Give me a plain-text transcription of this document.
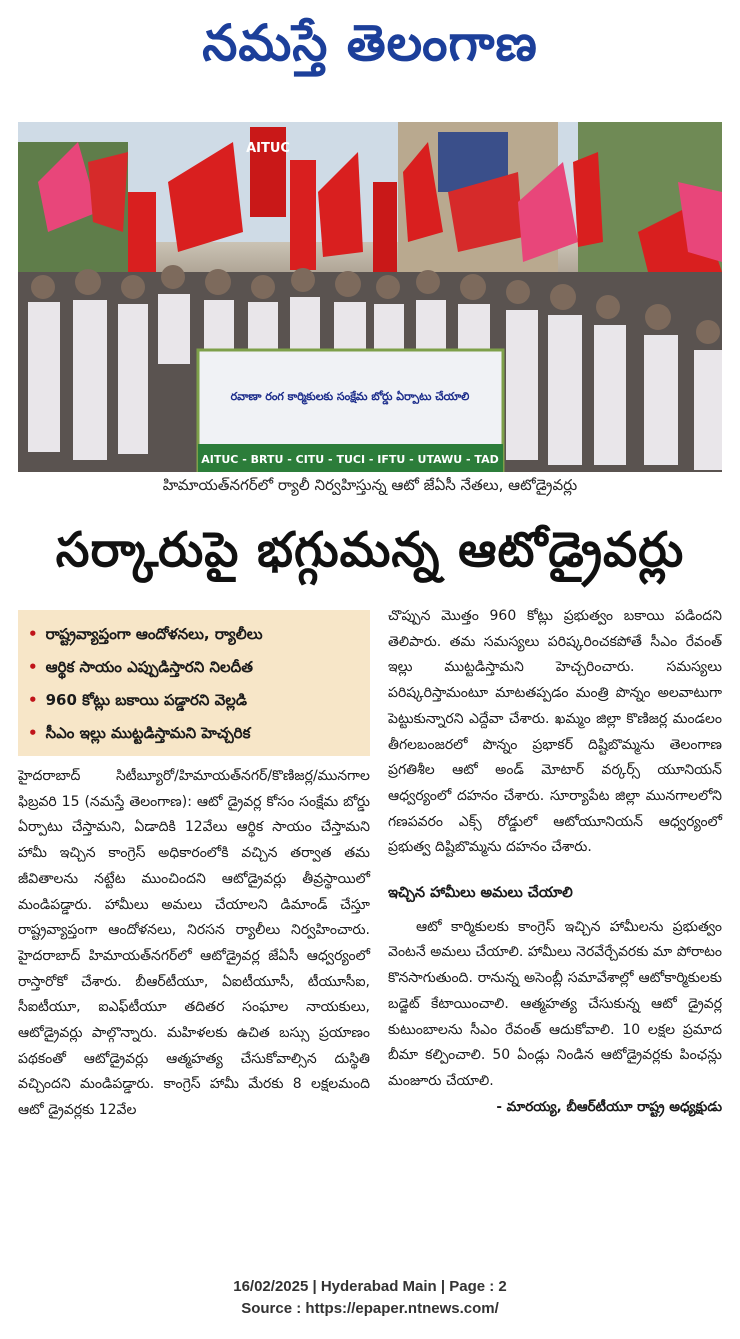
నమస్తే తెలంగాణ
రవాణా రంగ కార్మికులకు సంక్షేమ బోర్డు ఏర్పాటు చేయాలి
AITUC - BRTU - CITU - TUCI - IFTU - UTAWU - TAD
AITUC
హిమాయత్‌నగర్‌లో ర్యాలీ నిర్వహిస్తున్న ఆటో జేఏసీ నేతలు, ఆటోడ్రైవర్లు
సర్కారుపై భగ్గుమన్న ఆటోడ్రైవర్లు
• రాష్ట్రవ్యాప్తంగా ఆందోళనలు, ర్యాలీలు
• ఆర్థిక సాయం ఎప్పుడిస్తారని నిలదీత
• 960 కోట్లు బకాయి పడ్డారని వెల్లడి
• సీఎం ఇల్లు ముట్టడిస్తామని హెచ్చరిక

హైదరాబాద్ సిటీబ్యూరో/హిమాయత్‌నగర్/కొణిజర్ల/మునగాల ఫిబ్రవరి 15 (నమస్తే తెలంగాణ): ఆటో డ్రైవర్ల కోసం సంక్షేమ బోర్డు ఏర్పాటు చేస్తామని, ఏడాదికి 12వేలు ఆర్థిక సాయం చేస్తామని హామీ ఇచ్చిన కాంగ్రెస్ అధికారంలోకి వచ్చిన తర్వాత తమ జీవితాలను నట్టేట ముంచిందని ఆటోడ్రైవర్లు తీవ్రస్థాయిలో మండిపడ్డారు. హామీలు అమలు చేయాలని డిమాండ్ చేస్తూ రాష్ట్రవ్యాప్తంగా ఆందోళనలు, నిరసన ర్యాలీలు నిర్వహించారు. హైదరాబాద్ హిమాయత్‌నగర్‌లో ఆటోడ్రైవర్ల జేఏసీ ఆధ్వర్యంలో రాస్తారోకో చేశారు. బీఆర్‌టీయూ, ఏఐటీయూసీ, టీయూసీఐ, సీఐటీయూ, ఐఎఫ్‌టీయూ తదితర సంఘాల నాయకులు, ఆటోడ్రైవర్లు పాల్గొన్నారు. మహిళలకు ఉచిత బస్సు ప్రయాణం పథకంతో ఆటోడ్రైవర్లు ఆత్మహత్య చేసుకోవాల్సిన దుస్థితి వచ్చిందని మండిపడ్డారు. కాంగ్రెస్ హామీ మేరకు 8 లక్షలమంది ఆటో డ్రైవర్లకు 12వేల

చొప్పున మొత్తం 960 కోట్లు ప్రభుత్వం బకాయి పడిందని తెలిపారు. తమ సమస్యలు పరిష్కరించకపోతే సీఎం రేవంత్ ఇల్లు ముట్టడిస్తామని హెచ్చరించారు. సమస్యలు పరిష్కరిస్తామంటూ మాటతప్పడం మంత్రి పొన్నం అలవాటుగా పెట్టుకున్నారని ఎద్దేవా చేశారు. ఖమ్మం జిల్లా కొణిజర్ల మండలం తీగలబంజరలో పొన్నం ప్రభాకర్ దిష్టిబొమ్మను తెలంగాణ ప్రగతిశీల ఆటో అండ్ మోటార్ వర్కర్స్ యూనియన్ ఆధ్వర్యంలో దహనం చేశారు. సూర్యాపేట జిల్లా మునగాలలోని గణపవరం ఎక్స్ రోడ్డులో ఆటోయూనియన్ ఆధ్వర్యంలో ప్రభుత్వ దిష్టిబొమ్మను దహనం చేశారు.

ఇచ్చిన హామీలు అమలు చేయాలి

ఆటో కార్మికులకు కాంగ్రెస్ ఇచ్చిన హామీలను ప్రభుత్వం వెంటనే అమలు చేయాలి. హామీలు నెరవేర్చేవరకు మా పోరాటం కొనసాగుతుంది. రానున్న అసెంబ్లీ సమావేశాల్లో ఆటోకార్మికులకు బడ్జెట్ కేటాయించాలి. ఆత్మహత్య చేసుకున్న ఆటో డ్రైవర్ల కుటుంబాలను సీఎం రేవంత్ ఆదుకోవాలి. 10 లక్షల ప్రమాద బీమా కల్పించాలి. 50 ఏండ్లు నిండిన ఆటోడ్రైవర్లకు పింఛన్లు మంజూరు చేయాలి.

- మారయ్య, బీఆర్‌టీయూ రాష్ట్ర అధ్యక్షుడు
16/02/2025 | Hyderabad Main | Page : 2
Source : https://epaper.ntnews.com/
